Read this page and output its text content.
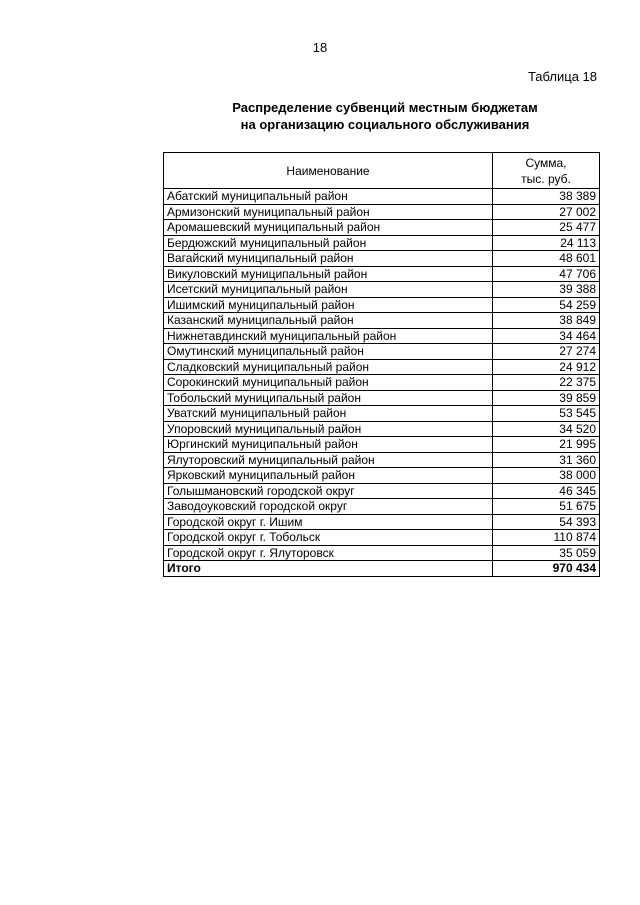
18
Таблица 18
Распределение субвенций местным бюджетам
на организацию социального обслуживания
Наименование	Сумма,
тыс. руб.

Абатский муниципальный район	38 389
Армизонский муниципальный район	27 002
Аромашевский муниципальный район	25 477
Бердюжский муниципальный район	24 113
Вагайский муниципальный район	48 601
Викуловский муниципальный район	47 706
Исетский муниципальный район	39 388
Ишимский муниципальный район	54 259
Казанский муниципальный район	38 849
Нижнетавдинский муниципальный район	34 464
Омутинский муниципальный район	27 274
Сладковский муниципальный район	24 912
Сорокинский муниципальный район	22 375
Тобольский муниципальный район	39 859
Уватский муниципальный район	53 545
Упоровский муниципальный район	34 520
Юргинский муниципальный район	21 995
Ялуторовский муниципальный район	31 360
Ярковский муниципальный район	38 000
Голышмановский городской округ	46 345
Заводоуковский городской округ	51 675
Городской округ г. Ишим	54 393
Городской округ г. Тобольск	110 874
Городской округ г. Ялуторовск	35 059
Итого	970 434
